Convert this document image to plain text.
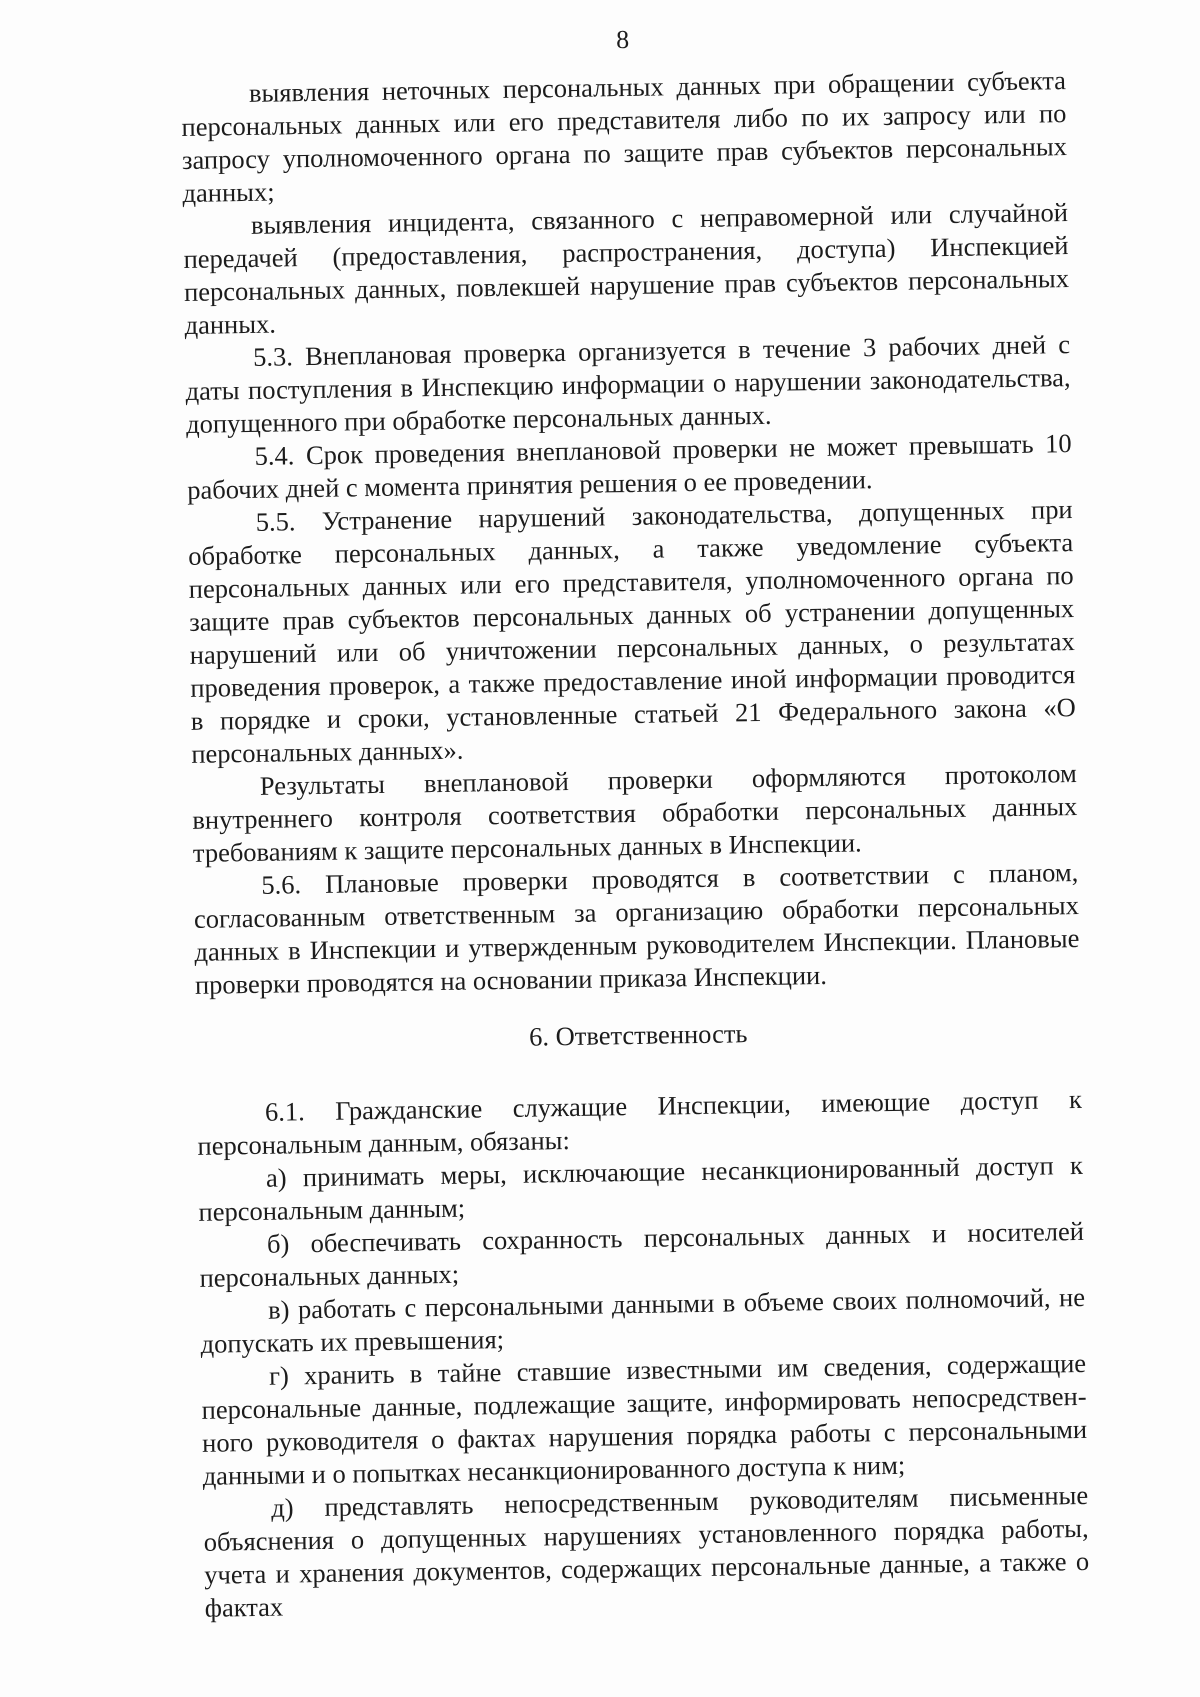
8

выявления неточных персональных данных при обращении субъекта персональных данных или его представителя либо по их запросу или по запросу уполномоченного органа по защите прав субъектов персональных данных;

выявления инцидента, связанного с неправомерной или случайной передачей (предоставления, распространения, доступа) Инспекцией персональных данных, повлекшей нарушение прав субъектов персональных данных.

5.3. Внеплановая проверка организуется в течение 3 рабочих дней с даты поступления в Инспекцию информации о нарушении законодательства, допущенного при обработке персональных данных.

5.4. Срок проведения внеплановой проверки не может превышать 10 рабочих дней с момента принятия решения о ее проведении.

5.5. Устранение нарушений законодательства, допущенных при обработке персональных данных, а также уведомление субъекта персональных данных или его представителя, уполномоченного органа по защите прав субъектов персональных данных об устранении допущенных нарушений или об уничтожении персональных данных, о результатах проведения проверок, а также предоставление иной информации проводится в порядке и сроки, установленные статьей 21 Федерального закона «О персональных данных».

Результаты внеплановой проверки оформляются протоколом внутреннего контроля соответствия обработки персональных данных требованиям к защите персональных данных в Инспекции.

5.6. Плановые проверки проводятся в соответствии с планом, согласованным ответственным за организацию обработки персональных данных в Инспекции и утвержденным руководителем Инспекции. Плановые проверки проводятся на основании приказа Инспекции.

6. Ответственность

6.1. Гражданские служащие Инспекции, имеющие доступ к персональным данным, обязаны:

а) принимать меры, исключающие несанкционированный доступ к персональным данным;

б) обеспечивать сохранность персональных данных и носителей персональных данных;

в) работать с персональными данными в объеме своих полномочий, не допускать их превышения;

г) хранить в тайне ставшие известными им сведения, содержащие персональные данные, подлежащие защите, информировать непосредственного руководителя о фактах нарушения порядка работы с персональными данными и о попытках несанкционированного доступа к ним;

д) представлять непосредственным руководителям письменные объяснения о допущенных нарушениях установленного порядка работы, учета и хранения документов, содержащих персональные данные, а также о фактах
